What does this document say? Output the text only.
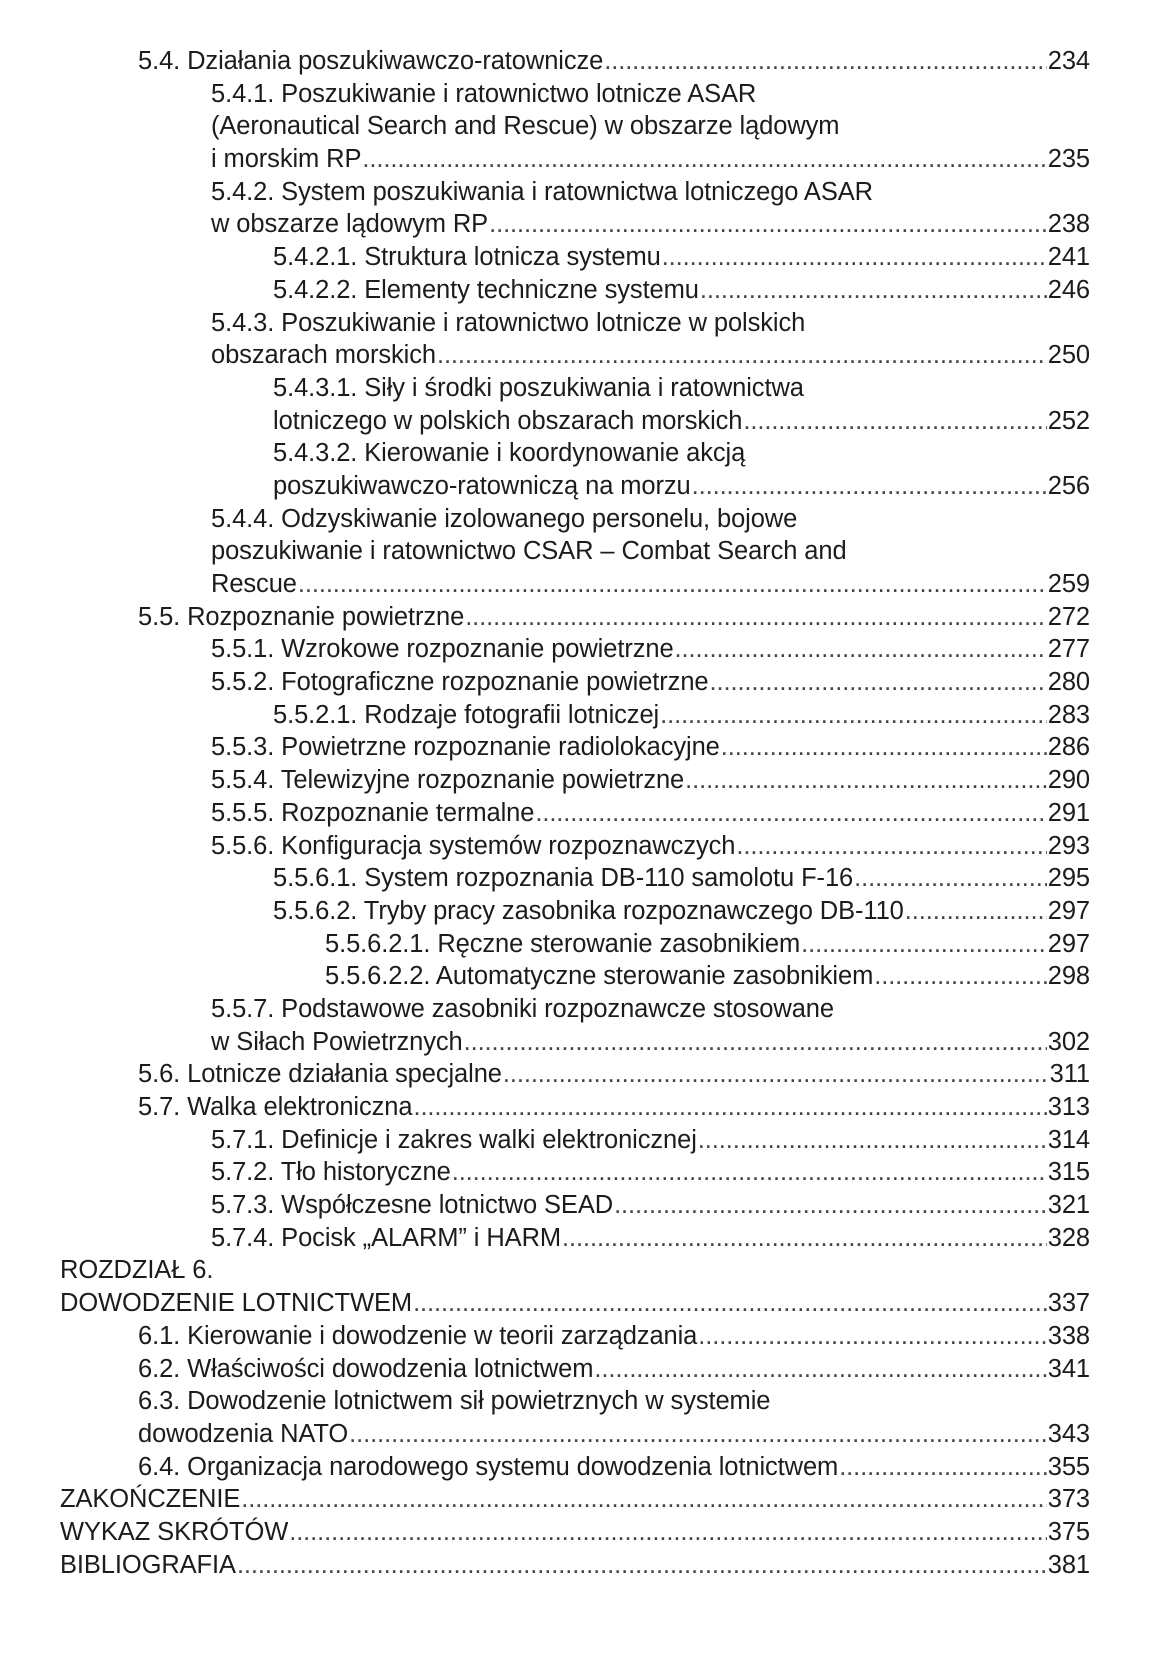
5.4. Działania poszukiwawczo-ratownicze .....	234
5.4.1. Poszukiwanie i ratownictwo lotnicze ASAR
(Aeronautical Search and Rescue) w obszarze lądowym
i morskim RP .....	235
5.4.2. System poszukiwania i ratownictwa lotniczego ASAR
w obszarze lądowym RP .....	238
5.4.2.1. Struktura lotnicza systemu .....	241
5.4.2.2. Elementy techniczne systemu .....	246
5.4.3. Poszukiwanie i ratownictwo lotnicze w polskich
obszarach morskich .....	250
5.4.3.1. Siły i środki poszukiwania i ratownictwa
lotniczego w polskich obszarach morskich .....	252
5.4.3.2. Kierowanie i koordynowanie akcją
poszukiwawczo-ratowniczą na morzu .....	256
5.4.4. Odzyskiwanie izolowanego personelu, bojowe
poszukiwanie i ratownictwo CSAR – Combat Search and
Rescue .....	259
5.5. Rozpoznanie powietrzne .....	272
5.5.1. Wzrokowe rozpoznanie powietrzne .....	277
5.5.2. Fotograficzne rozpoznanie powietrzne .....	280
5.5.2.1. Rodzaje fotografii lotniczej .....	283
5.5.3. Powietrzne rozpoznanie radiolokacyjne .....	286
5.5.4. Telewizyjne rozpoznanie powietrzne .....	290
5.5.5. Rozpoznanie termalne .....	291
5.5.6. Konfiguracja systemów rozpoznawczych .....	293
5.5.6.1. System rozpoznania DB-110 samolotu F-16 .....	295
5.5.6.2. Tryby pracy zasobnika rozpoznawczego DB-110 .....	297
5.5.6.2.1. Ręczne sterowanie zasobnikiem .....	297
5.5.6.2.2. Automatyczne sterowanie zasobnikiem .....	298
5.5.7. Podstawowe zasobniki rozpoznawcze stosowane
w Siłach Powietrznych .....	302
5.6. Lotnicze działania specjalne .....	311
5.7. Walka elektroniczna .....	313
5.7.1. Definicje i zakres walki elektronicznej .....	314
5.7.2. Tło historyczne .....	315
5.7.3. Współczesne lotnictwo SEAD .....	321
5.7.4. Pocisk „ALARM” i HARM .....	328
ROZDZIAŁ 6.
DOWODZENIE LOTNICTWEM .....	337
6.1. Kierowanie i dowodzenie w teorii zarządzania .....	338
6.2. Właściwości dowodzenia lotnictwem .....	341
6.3. Dowodzenie lotnictwem sił powietrznych w systemie
dowodzenia NATO .....	343
6.4. Organizacja narodowego systemu dowodzenia lotnictwem .....	355
ZAKOŃCZENIE .....	373
WYKAZ SKRÓTÓW .....	375
BIBLIOGRAFIA .....	381
